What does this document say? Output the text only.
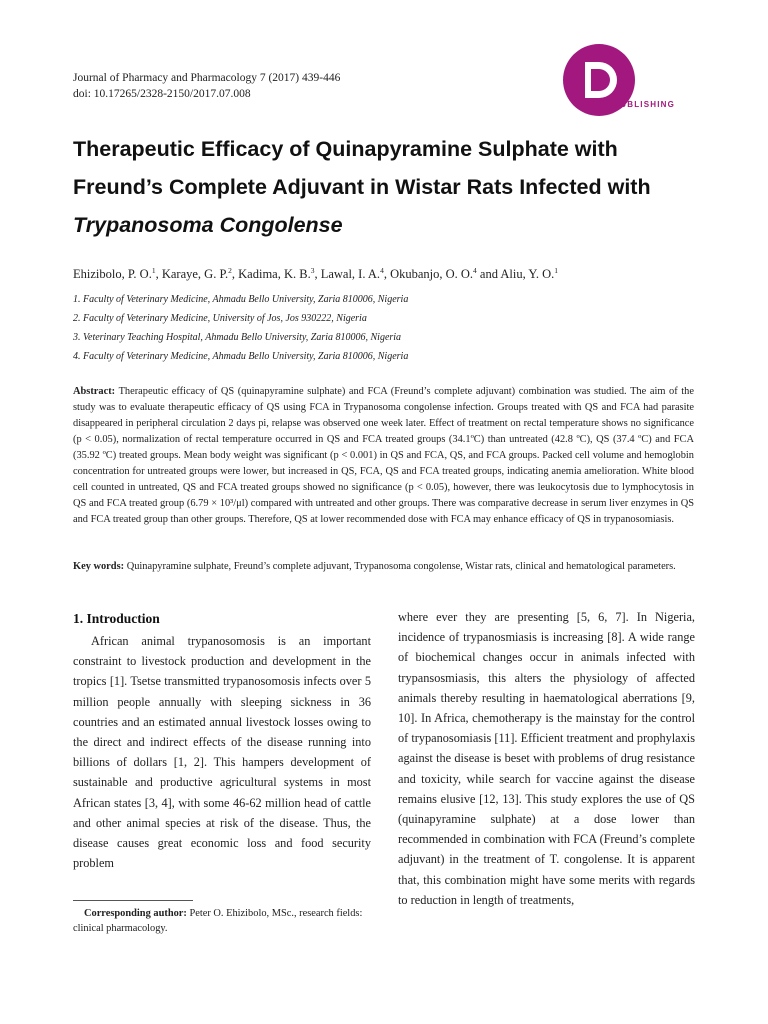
Journal of Pharmacy and Pharmacology 7 (2017) 439-446
doi: 10.17265/2328-2150/2017.07.008
DAVID PUBLISHING
Therapeutic Efficacy of Quinapyramine Sulphate with
Freund’s Complete Adjuvant in Wistar Rats Infected with
Trypanosoma Congolense
Ehizibolo, P. O.$^1$, Karaye, G. P.$^2$, Kadima, K. B.$^3$, Lawal, I. A.$^4$, Okubanjo, O. O.$^4$ and Aliu, Y. O.$^1$
1. Faculty of Veterinary Medicine, Ahmadu Bello University, Zaria 810006, Nigeria
2. Faculty of Veterinary Medicine, University of Jos, Jos 930222, Nigeria
3. Veterinary Teaching Hospital, Ahmadu Bello University, Zaria 810006, Nigeria
4. Faculty of Veterinary Medicine, Ahmadu Bello University, Zaria 810006, Nigeria
Abstract: Therapeutic efficacy of QS (quinapyramine sulphate) and FCA (Freund’s complete adjuvant) combination was studied. The aim of the study was to evaluate therapeutic efficacy of QS using FCA in Trypanosoma congolense infection. Groups treated with QS and FCA had parasite disappeared in peripheral circulation 2 days pi, relapse was observed one week later. Effect of treatment on rectal temperature shows no significance (p < 0.05), normalization of rectal temperature occurred in QS and FCA treated groups (34.1ºC) than untreated (42.8 ºC), QS (37.4 ºC) and FCA (35.92 ºC) treated groups. Mean body weight was significant (p < 0.001) in QS and FCA, QS, and FCA groups. Packed cell volume and hemoglobin concentration for untreated groups were lower, but increased in QS, FCA, QS and FCA treated groups, indicating anemia amelioration. White blood cell counted in untreated, QS and FCA treated groups showed no significance (p < 0.05), however, there was leukocytosis due to lymphocytosis in QS and FCA treated group (6.79 × 10³/μl) compared with untreated and other groups. There was comparative decrease in serum liver enzymes in QS and FCA treated group than other groups. Therefore, QS at lower recommended dose with FCA may enhance efficacy of QS in trypanosomiasis.
Key words: Quinapyramine sulphate, Freund’s complete adjuvant, Trypanosoma congolense, Wistar rats, clinical and hematological parameters.
1. Introduction

African animal trypanosomosis is an important constraint to livestock production and development in the tropics [1]. Tsetse transmitted trypanosomosis infects over 5 million people annually with sleeping sickness in 36 countries and an estimated annual livestock losses owing to the direct and indirect effects of the disease running into billions of dollars [1, 2]. This hampers development of sustainable and productive agricultural systems in most African states [3, 4], with some 46-62 million head of cattle and other animal species at risk of the disease. Thus, the disease causes great economic loss and food security problem

where ever they are presenting [5, 6, 7]. In Nigeria, incidence of trypanosmiasis is increasing [8]. A wide range of biochemical changes occur in animals infected with trypansosmiasis, this alters the physiology of affected animals thereby resulting in haematological aberrations [9, 10]. In Africa, chemotherapy is the mainstay for the control of trypanosomiasis [11]. Efficient treatment and prophylaxis against the disease is beset with problems of drug resistance and toxicity, while search for vaccine against the disease remains elusive [12, 13]. This study explores the use of QS (quinapyramine sulphate) at a dose lower than recommended in combination with FCA (Freund’s complete adjuvant) in the treatment of T. congolense. It is apparent that, this combination might have some merits with regards to reduction in length of treatments,

Corresponding author: Peter O. Ehizibolo, MSc., research fields: clinical pharmacology.
